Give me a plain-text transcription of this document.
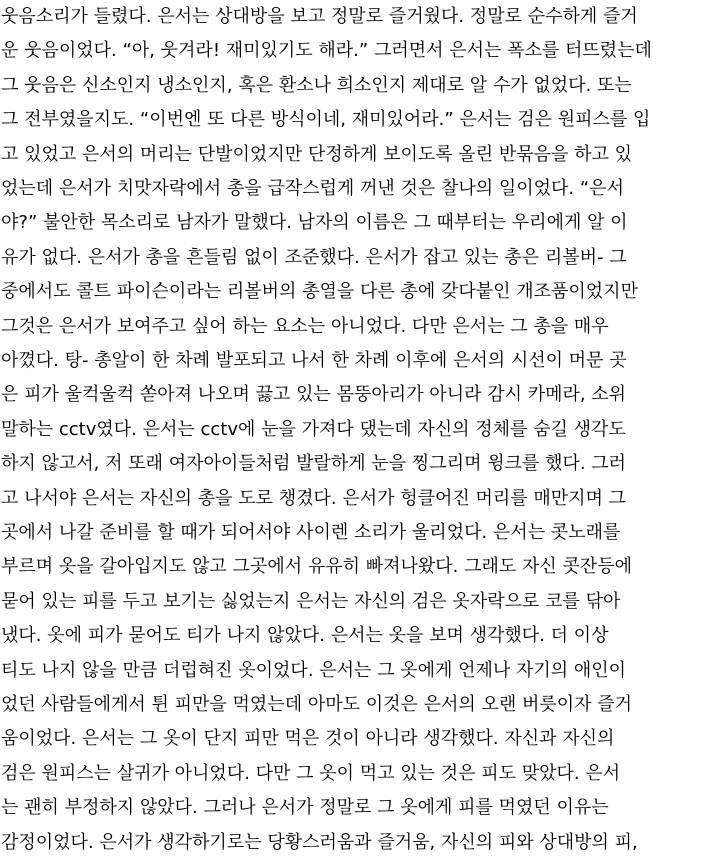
웃음소리가 들렸다. 은서는 상대방을 보고 정말로 즐거웠다. 정말로 순수하게 즐거
운 웃음이었다. “아, 웃겨라! 재미있기도 해라.” 그러면서 은서는 폭소를 터뜨렸는데
그 웃음은 신소인지 냉소인지, 혹은 환소나 희소인지 제대로 알 수가 없었다. 또는
그 전부였을지도. “이번엔 또 다른 방식이네, 재미있어라.” 은서는 검은 원피스를 입
고 있었고 은서의 머리는 단발이었지만 단정하게 보이도록 올린 반묶음을 하고 있
었는데 은서가 치맛자락에서 총을 급작스럽게 꺼낸 것은 찰나의 일이었다. “은서
야?” 불안한 목소리로 남자가 말했다. 남자의 이름은 그 때부터는 우리에게 알 이
유가 없다. 은서가 총을 흔들림 없이 조준했다. 은서가 잡고 있는 총은 리볼버- 그
중에서도 콜트 파이슨이라는 리볼버의 총열을 다른 총에 갖다붙인 개조품이었지만
그것은 은서가 보여주고 싶어 하는 요소는 아니었다. 다만 은서는 그 총을 매우
아꼈다. 탕- 총알이 한 차례 발포되고 나서 한 차례 이후에 은서의 시선이 머문 곳
은 피가 울컥울컥 쏟아져 나오며 끓고 있는 몸뚱아리가 아니라 감시 카메라, 소위
말하는 cctv였다. 은서는 cctv에 눈을 가져다 댔는데 자신의 정체를 숨길 생각도
하지 않고서, 저 또래 여자아이들처럼 발랄하게 눈을 찡그리며 윙크를 했다. 그러
고 나서야 은서는 자신의 총을 도로 챙겼다. 은서가 헝클어진 머리를 매만지며 그
곳에서 나갈 준비를 할 때가 되어서야 사이렌 소리가 울리었다. 은서는 콧노래를
부르며 옷을 갈아입지도 않고 그곳에서 유유히 빠져나왔다. 그래도 자신 콧잔등에
묻어 있는 피를 두고 보기는 싫었는지 은서는 자신의 검은 옷자락으로 코를 닦아
냈다. 옷에 피가 묻어도 티가 나지 않았다. 은서는 옷을 보며 생각했다. 더 이상
티도 나지 않을 만큼 더럽혀진 옷이었다. 은서는 그 옷에게 언제나 자기의 애인이
었던 사람들에게서 튄 피만을 먹였는데 아마도 이것은 은서의 오랜 버릇이자 즐거
움이었다. 은서는 그 옷이 단지 피만 먹은 것이 아니라 생각했다. 자신과 자신의
검은 원피스는 살귀가 아니었다. 다만 그 옷이 먹고 있는 것은 피도 맞았다. 은서
는 괜히 부정하지 않았다. 그러나 은서가 정말로 그 옷에게 피를 먹였던 이유는
감정이었다. 은서가 생각하기로는 당황스러움과 즐거움, 자신의 피와 상대방의 피,
